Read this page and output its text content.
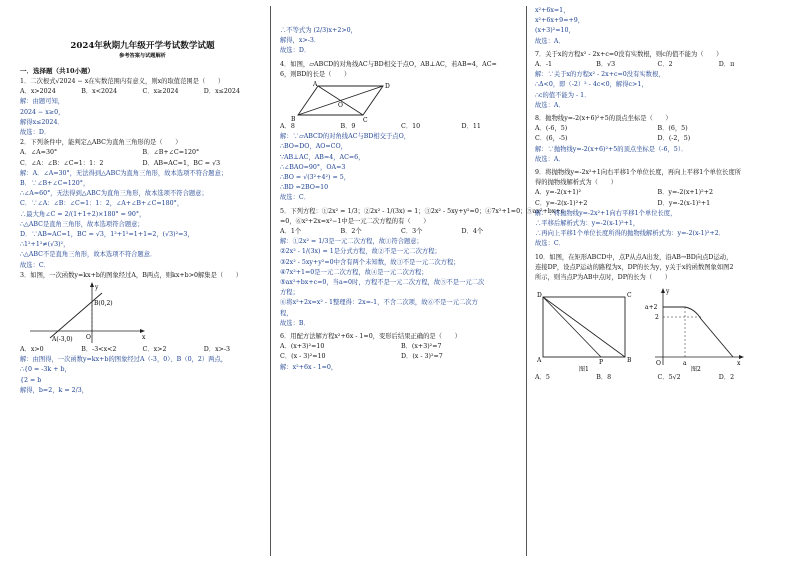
2024年秋期九年级开学考试数学试题
参考答案与试题解析
一．选择题（共10小题）
1．二次根式√2024 − x在实数范围内有意义，则x的取值范围是（　　）
A．x>2024	B．x<2024	C．x≥2024	D．x≤2024
解：由题可知，
2024 − x≥0，
解得x≤2024．
故选：D．
2．下列条件中，能判定△ABC为直角三角形的是（　　）
A．∠A=30°	B．∠B+∠C=120°
C．∠A：∠B：∠C=1：1：2	D．AB=AC=1，BC = √3
解：A．∠A=30°，无法得到△ABC为直角三角形，故本选项不符合题意；
B．∵∠B+∠C=120°，
∴∠A=60°，无法得到△ABC为直角三角形，故本选项不符合题意；
C．∵∠A：∠B：∠C=1：1：2，∠A+∠B+∠C=180°，
∴最大角∠C = 2/(1+1+2)×180° = 90°，
∴△ABC是直角三角形，故本选项符合题意；
D．∵AB=AC=1，BC = √3，1²+1²=1+1=2，(√3)²=3，
∴1²+1²≠(√3)²，
∴△ABC不是直角三角形，故本选项不符合题意．
故选：C．
3．如图，一次函数y=kx+b的图象经过A，B两点，则kx+b>0解集是（　　）
B(0,2)
A(-3,0)
y
x
O
A．x>0	B．-3<x<2	C．x>2	D．x>-3
解：由图得，一次函数y=kx+b的图象经过A（-3，0）、B（0，2）两点，
∴{0 = -3k + b，
{2 = b
解得，b=2，k = 2/3，
∴不等式为 (2/3)x+2>0，
解得，x>-3．
故选：D．
4．如图，▱ABCD的对角线AC与BD相交于点O，AB⊥AC，若AB=4，AC=
6，则BD的长是（　　）
A
B	C
D
O
A．8	B．9	C．10	D．11
解：∵▱ABCD的对角线AC与BD相交于点O，
∴BO=DO，AO=CO，
∵AB⊥AC，AB=4，AC=6，
∴∠BAO=90°，OA=3
∴BO = √(3²+4²) = 5，
∴BD =2BO=10
故选：C．
5．下列方程：①2x² = 1/3；②2x² - 1/(3x) = 1；③2x² - 5xy+y²=0；④7x²+1=0；⑤ax²+bx+c
=0，⑥x²+2x=x²−1中是一元二次方程的有（　　）
A．1个	B．2个	C．3个	D．4个
解：①2x² = 1/3是一元二次方程，故①符合题意；
②2x² - 1/(3x) = 1是分式方程，故②不是一元二次方程；
③2x² - 5xy+y²=0中含有两个未知数，故③不是一元二次方程；
④7x²+1=0是一元二次方程，故④是一元二次方程；
⑤ax²+bx+c=0，当a=0时，方程不是一元二次方程，故⑤不是一元二次
方程；
⑥将x²+2x=x² - 1整理得：2x=-1，不含二次项，故⑥不是一元二次方
程，
故选：B．
6．用配方法解方程x²+6x - 1=0，变形后结果正确的是（　　）
A．(x+3)²=10	B．(x+3)²=7
C．(x - 3)²=10	D．(x - 3)²=7
解：x²+6x - 1=0，
x²+6x=1，
x²+6x+9=+9，
(x+3)²=10，
故选：A．
7．关于x的方程x² - 2x+c=0没有实数根，则c的值不能为（　　）
A．-1	B．√3	C．2	D．π
解：∵关于x的方程x² - 2x+c=0没有实数根，
∴Δ<0，即（-2）² - 4c<0，解得c>1，
∴c的值不能为 - 1．
故选：A．
8．抛物线y=-2(x+6)²+5的顶点坐标是（　　）
A．(-6，5)	B．(6，5)
C．(6，-5)	D．(-2，5)
解：∵抛物线y=-2(x+6)²+5的顶点坐标是（-6，5）．
故选：A．
9．将抛物线y=-2x²+1向右平移1个单位长度，再向上平移1个单位长度所
得的抛物线解析式为（　　）
A．y=-2(x+1)²	B．y=-2(x+1)²+2
C．y=-2(x-1)²+2	D．y=-2(x-1)²+1
解：∵将抛物线y=-2x²+1向右平移1个单位长度，
∴平移后解析式为：y=-2(x-1)²+1，
∴再向上平移1个单位长度所得的抛物线解析式为：y=-2(x-1)²+2．
故选：C．
10．如图，在矩形ABCD中，点P从点A出发，沿AB→BD向点D运动，
连接DP，设点P运动的路程为x，DP的长为y，y关于x的函数图象如图2
所示，则当点P为AB中点时，DP的长为（　　）
D	C
A	B
P
图1
y
x
O
a+2
2
a
图2
A．5	B．8	C．5√2	D．2
